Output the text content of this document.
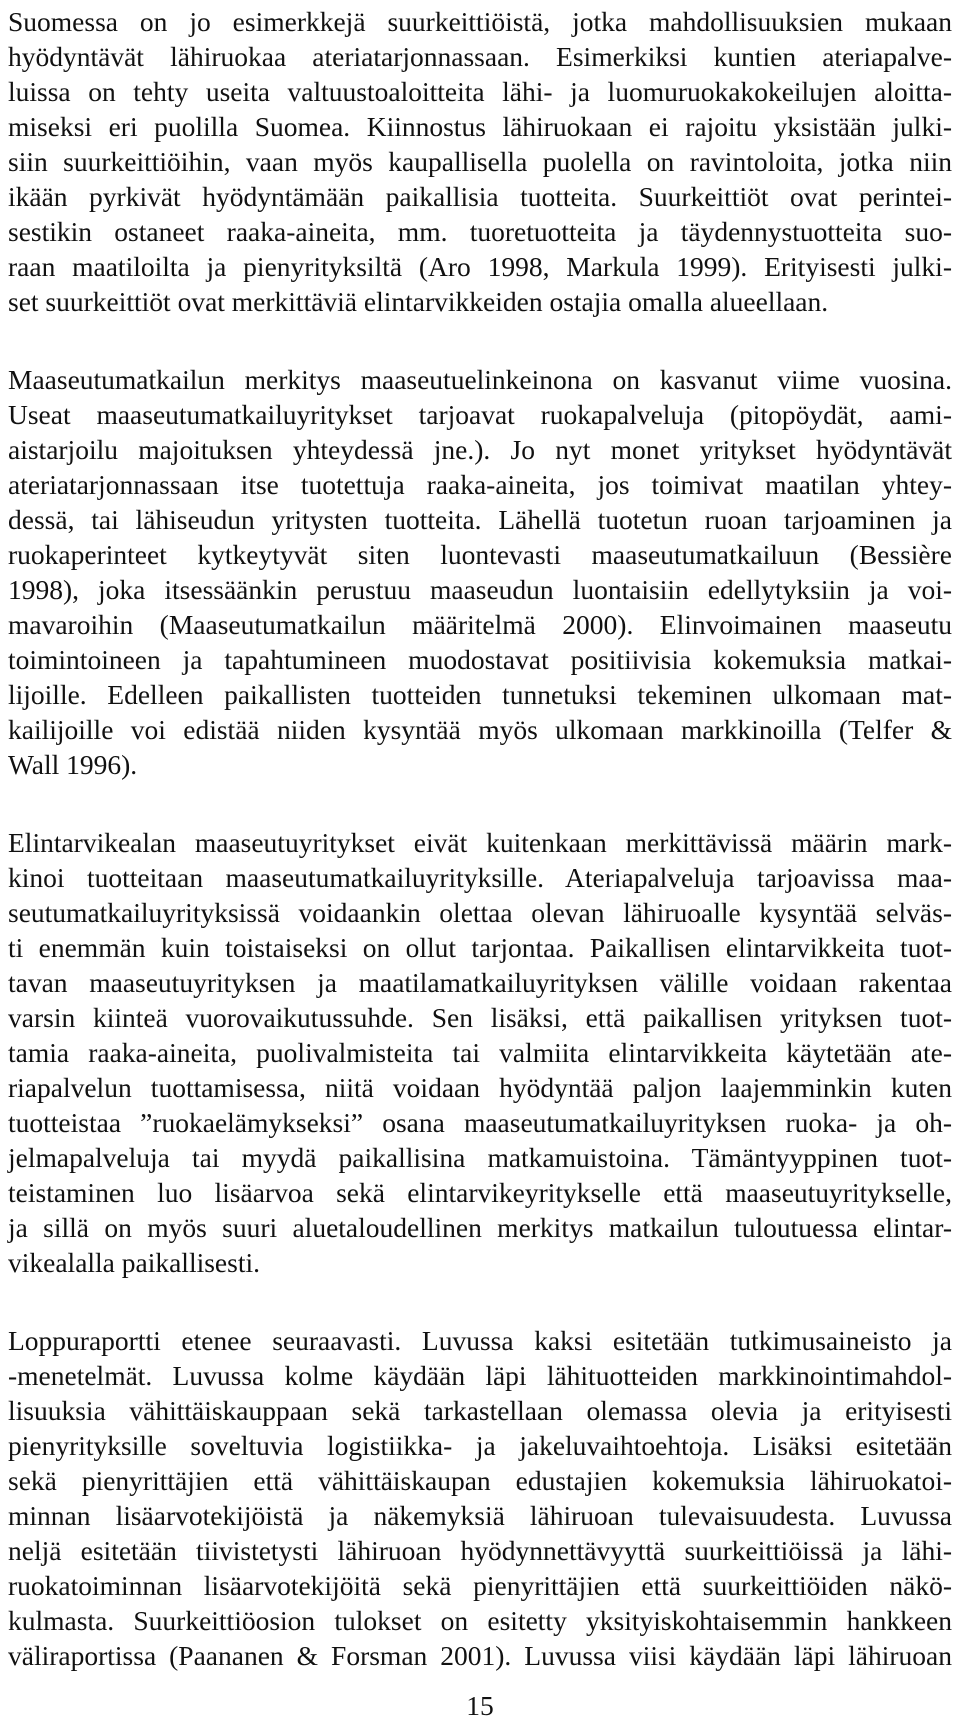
Suomessa on jo esimerkkejä suurkeittiöistä, jotka mahdollisuuksien mukaan
hyödyntävät lähiruokaa ateriatarjonnassaan. Esimerkiksi kuntien ateriapalve-
luissa on tehty useita valtuustoaloitteita lähi- ja luomuruokakokeilujen aloitta-
miseksi eri puolilla Suomea. Kiinnostus lähiruokaan ei rajoitu yksistään julki-
siin suurkeittiöihin, vaan myös kaupallisella puolella on ravintoloita, jotka niin
ikään pyrkivät hyödyntämään paikallisia tuotteita. Suurkeittiöt ovat perintei-
sestikin ostaneet raaka-aineita, mm. tuoretuotteita ja täydennystuotteita suo-
raan maatiloilta ja pienyrityksiltä (Aro 1998, Markula 1999). Erityisesti julki-
set suurkeittiöt ovat merkittäviä elintarvikkeiden ostajia omalla alueellaan.
Maaseutumatkailun merkitys maaseutuelinkeinona on kasvanut viime vuosina.
Useat maaseutumatkailuyritykset tarjoavat ruokapalveluja (pitopöydät, aami-
aistarjoilu majoituksen yhteydessä jne.). Jo nyt monet yritykset hyödyntävät
ateriatarjonnassaan itse tuotettuja raaka-aineita, jos toimivat maatilan yhtey-
dessä, tai lähiseudun yritysten tuotteita. Lähellä tuotetun ruoan tarjoaminen ja
ruokaperinteet kytkeytyvät siten luontevasti maaseutumatkailuun (Bessière
1998), joka itsessäänkin perustuu maaseudun luontaisiin edellytyksiin ja voi-
mavaroihin (Maaseutumatkailun määritelmä 2000). Elinvoimainen maaseutu
toimintoineen ja tapahtumineen muodostavat positiivisia kokemuksia matkai-
lijoille. Edelleen paikallisten tuotteiden tunnetuksi tekeminen ulkomaan mat-
kailijoille voi edistää niiden kysyntää myös ulkomaan markkinoilla (Telfer &
Wall 1996).
Elintarvikealan maaseutuyritykset eivät kuitenkaan merkittävissä määrin mark-
kinoi tuotteitaan maaseutumatkailuyrityksille. Ateriapalveluja tarjoavissa maa-
seutumatkailuyrityksissä voidaankin olettaa olevan lähiruoalle kysyntää selväs-
ti enemmän kuin toistaiseksi on ollut tarjontaa. Paikallisen elintarvikkeita tuot-
tavan maaseutuyrityksen ja maatilamatkailuyrityksen välille voidaan rakentaa
varsin kiinteä vuorovaikutussuhde. Sen lisäksi, että paikallisen yrityksen tuot-
tamia raaka-aineita, puolivalmisteita tai valmiita elintarvikkeita käytetään ate-
riapalvelun tuottamisessa, niitä voidaan hyödyntää paljon laajemminkin kuten
tuotteistaa ”ruokaelämykseksi” osana maaseutumatkailuyrityksen ruoka- ja oh-
jelmapalveluja tai myydä paikallisina matkamuistoina. Tämäntyyppinen tuot-
teistaminen luo lisäarvoa sekä elintarvikeyritykselle että maaseutuyritykselle,
ja sillä on myös suuri aluetaloudellinen merkitys matkailun tuloutuessa elintar-
vikealalla paikallisesti.
Loppuraportti etenee seuraavasti. Luvussa kaksi esitetään tutkimusaineisto ja
-menetelmät. Luvussa kolme käydään läpi lähituotteiden markkinointimahdol-
lisuuksia vähittäiskauppaan sekä tarkastellaan olemassa olevia ja erityisesti
pienyrityksille soveltuvia logistiikka- ja jakeluvaihtoehtoja. Lisäksi esitetään
sekä pienyrittäjien että vähittäiskaupan edustajien kokemuksia lähiruokatoi-
minnan lisäarvotekijöistä ja näkemyksiä lähiruoan tulevaisuudesta. Luvussa
neljä esitetään tiivistetysti lähiruoan hyödynnettävyyttä suurkeittiöissä ja lähi-
ruokatoiminnan lisäarvotekijöitä sekä pienyrittäjien että suurkeittiöiden näkö-
kulmasta. Suurkeittiöosion tulokset on esitetty yksityiskohtaisemmin hankkeen
väliraportissa (Paananen & Forsman 2001). Luvussa viisi käydään läpi lähiruoan
15
